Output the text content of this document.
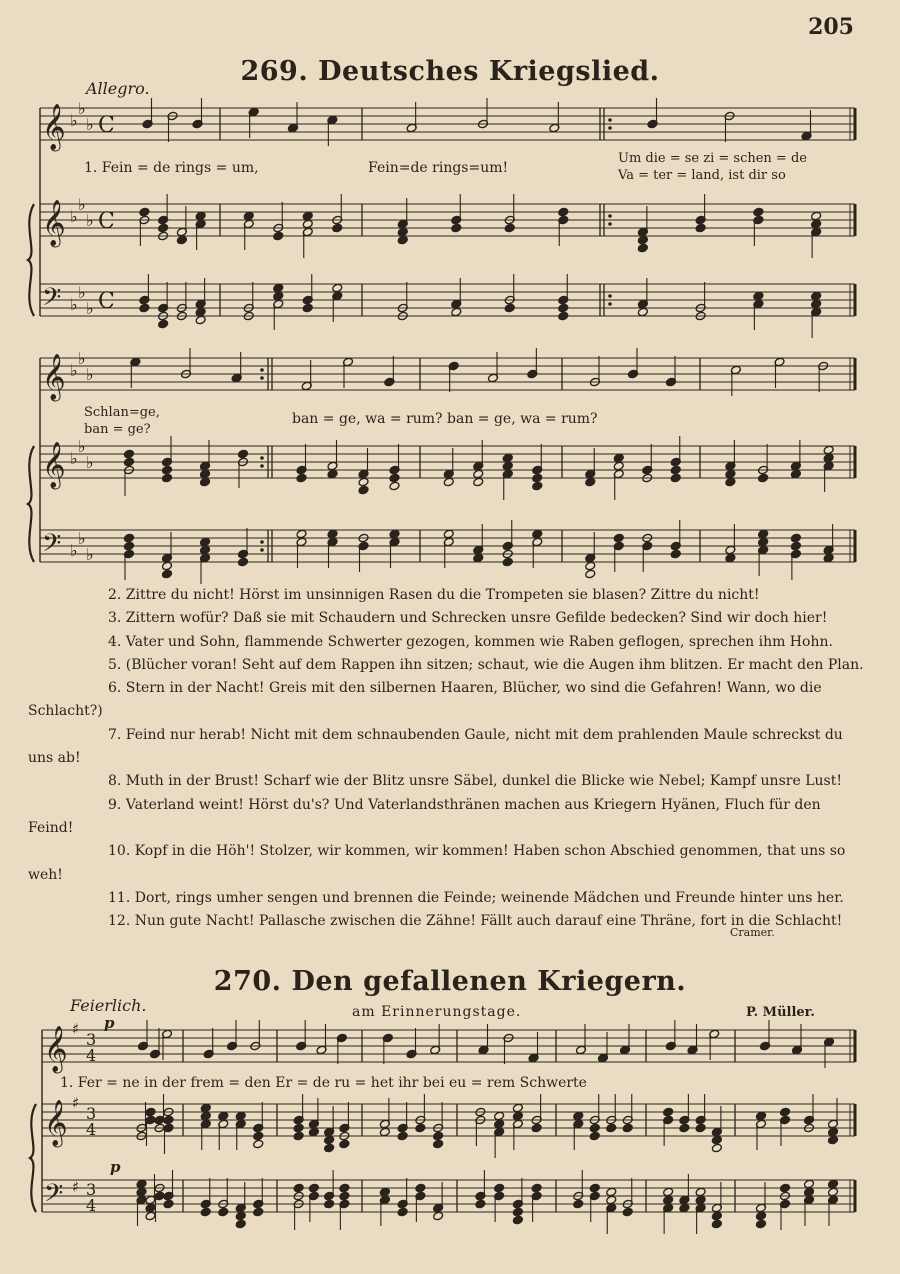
205
269. Deutsches Kriegslied.
Allegro.
𝄞 ♭
♭
♭ C
𝄞 ♭
♭
♭ C
𝄢 ♭
♭
♭ C
𝄞 ♭
♭
♭
𝄞 ♭
♭
♭
𝄢 ♭
♭
♭
𝄞 ♯
3
4
𝄞 ♯
3
4
𝄢 ♯ 3
4
1. Fein = de rings = um,	Fein=de rings=um!
Um die = se zi = schen = de
Va = ter = land, ist dir so
Schlan=ge,
ban = ge?
ban = ge, wa = rum? ban = ge, wa = rum?

2. Zittre du nicht! Hörst im unsinnigen Rasen du die Trompeten sie blasen? Zittre du nicht!

3. Zittern wofür? Daß sie mit Schaudern und Schrecken unsre Gefilde bedecken? Sind wir doch hier!

4. Vater und Sohn, flammende Schwerter gezogen, kommen wie Raben geflogen, sprechen ihm Hohn.

5. (Blücher voran! Seht auf dem Rappen ihn sitzen; schaut, wie die Augen ihm blitzen. Er macht den Plan.

6. Stern in der Nacht! Greis mit den silbernen Haaren, Blücher, wo sind die Gefahren! Wann, wo die Schlacht?)

7. Feind nur herab! Nicht mit dem schnaubenden Gaule, nicht mit dem prahlenden Maule schreckst du uns ab!

8. Muth in der Brust! Scharf wie der Blitz unsre Säbel, dunkel die Blicke wie Nebel; Kampf unsre Lust!

9. Vaterland weint! Hörst du's? Und Vaterlandsthränen machen aus Kriegern Hyänen, Fluch für den Feind!

10. Kopf in die Höh'! Stolzer, wir kommen, wir kommen! Haben schon Abschied genommen, that uns so weh!

11. Dort, rings umher sengen und brennen die Feinde; weinende Mädchen und Freunde hinter uns her.

12. Nun gute Nacht! Pallasche zwischen die Zähne! Fällt auch darauf eine Thräne, fort in die Schlacht!

Cramer.
270. Den gefallenen Kriegern.
am Erinnerungstage.	P. Müller.
Feierlich.
p
p
1. Fer = ne in der frem = den Er = de ru = het ihr bei eu = rem Schwerte
